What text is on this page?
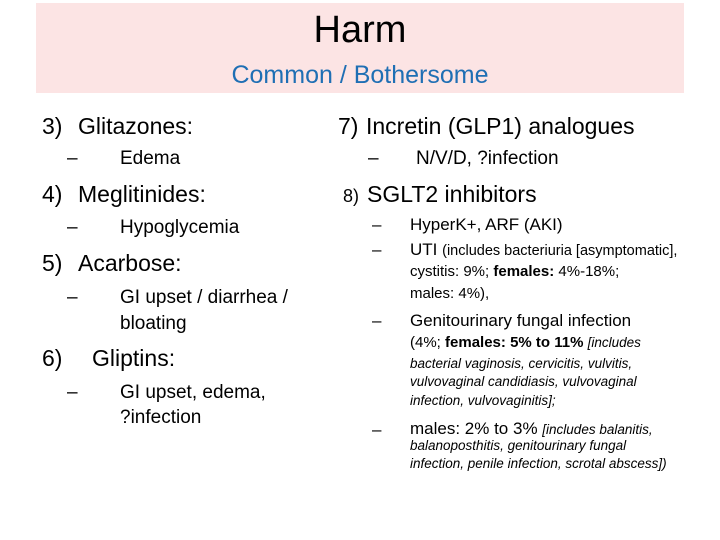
Harm
Common / Bothersome
3) Glitazones:
– Edema
4) Meglitinides:
– Hypoglycemia
5) Acarbose:
– GI upset / diarrhea /
bloating
6) Gliptins:
– GI upset, edema,
?infection
7) Incretin (GLP1) analogues
– N/V/D, ?infection
8) SGLT2 inhibitors
– HyperK+, ARF (AKI)
– UTI (includes bacteriuria [asymptomatic],
cystitis: 9%; females: 4%-18%;
males: 4%),
– Genitourinary fungal infection
(4%; females: 5% to 11% [includes
bacterial vaginosis, cervicitis, vulvitis,
vulvovaginal candidiasis, vulvovaginal
infection, vulvovaginitis];
– males: 2% to 3% [includes balanitis,
balanoposthitis, genitourinary fungal
infection, penile infection, scrotal abscess])
